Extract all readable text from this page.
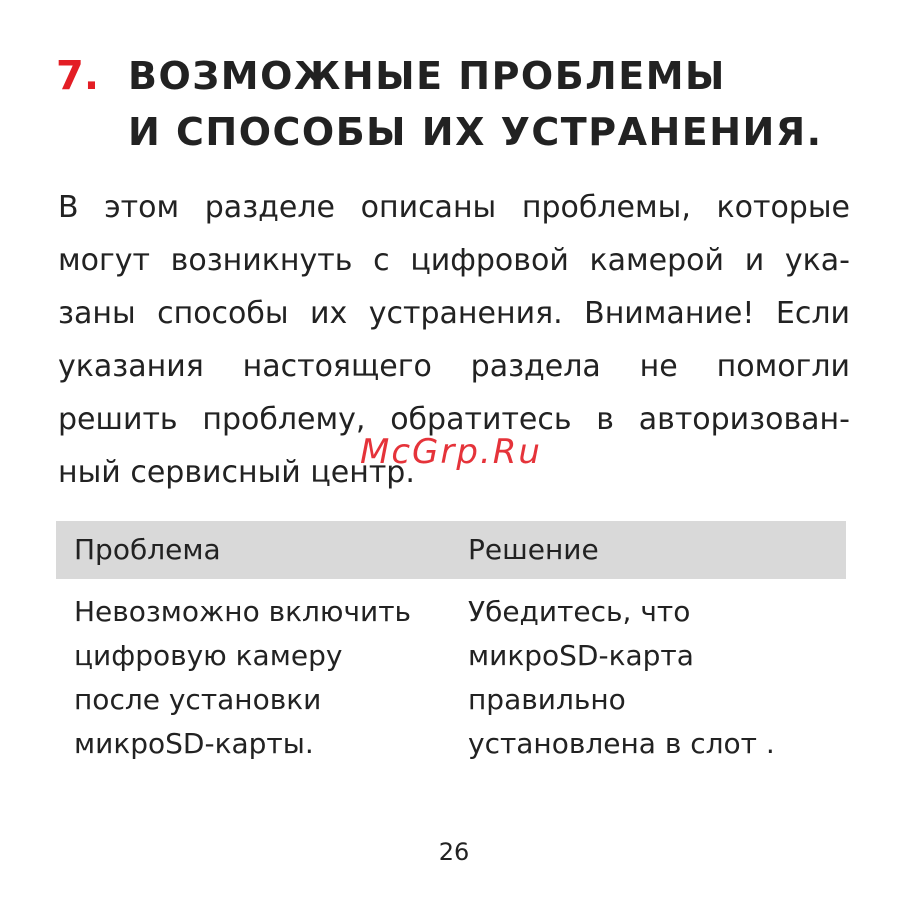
7. ВОЗМОЖНЫЕ ПРОБЛЕМЫ
И СПОСОБЫ ИХ УСТРАНЕНИЯ.
В этом разделе описаны проблемы, которые
могут возникнуть с цифровой камерой и ука-
заны способы их устранения. Внимание! Если
указания настоящего раздела не помогли
решить проблему, обратитесь в авторизован-
ный сервисный центр.
McGrp.Ru
Проблема	Решение
Невозможно включить
цифровую камеру
после установки
микроSD-карты.
Убедитесь, что
микроSD-карта
правильно
установлена в слот .
26
